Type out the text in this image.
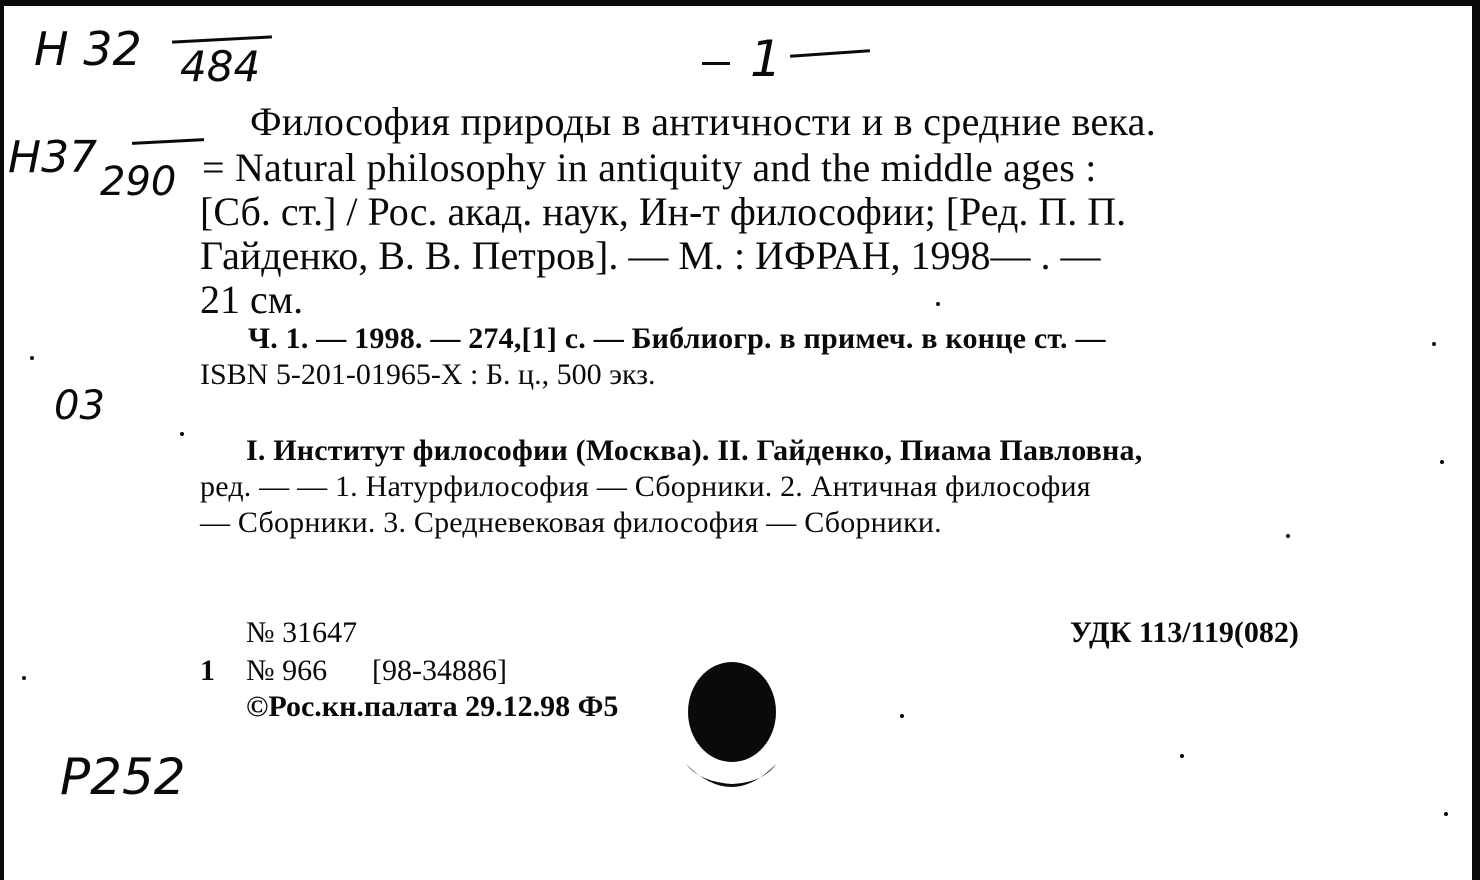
Н 32 484	1
Н37 290
03
Р252
Философия природы в античности и в средние века.
= Natural philosophy in antiquity and the middle ages :
[Сб. ст.] / Рос. акад. наук, Ин-т философии; [Ред. П. П.
Гайденко, В. В. Петров]. — М. : ИФРАН, 1998— . —
21 см.
Ч. 1. — 1998. — 274,[1] с. — Библиогр. в примеч. в конце ст. —
ISBN 5-201-01965-X : Б. ц., 500 экз.
I. Институт философии (Москва). II. Гайденко, Пиама Павловна,
ред. — — 1. Натурфилософия — Сборники. 2. Античная философия
— Сборники. 3. Средневековая философия — Сборники.
№ 31647	УДК 113/119(082)
1 № 966 [98-34886]
©Рос.кн.палата 29.12.98 Ф5
